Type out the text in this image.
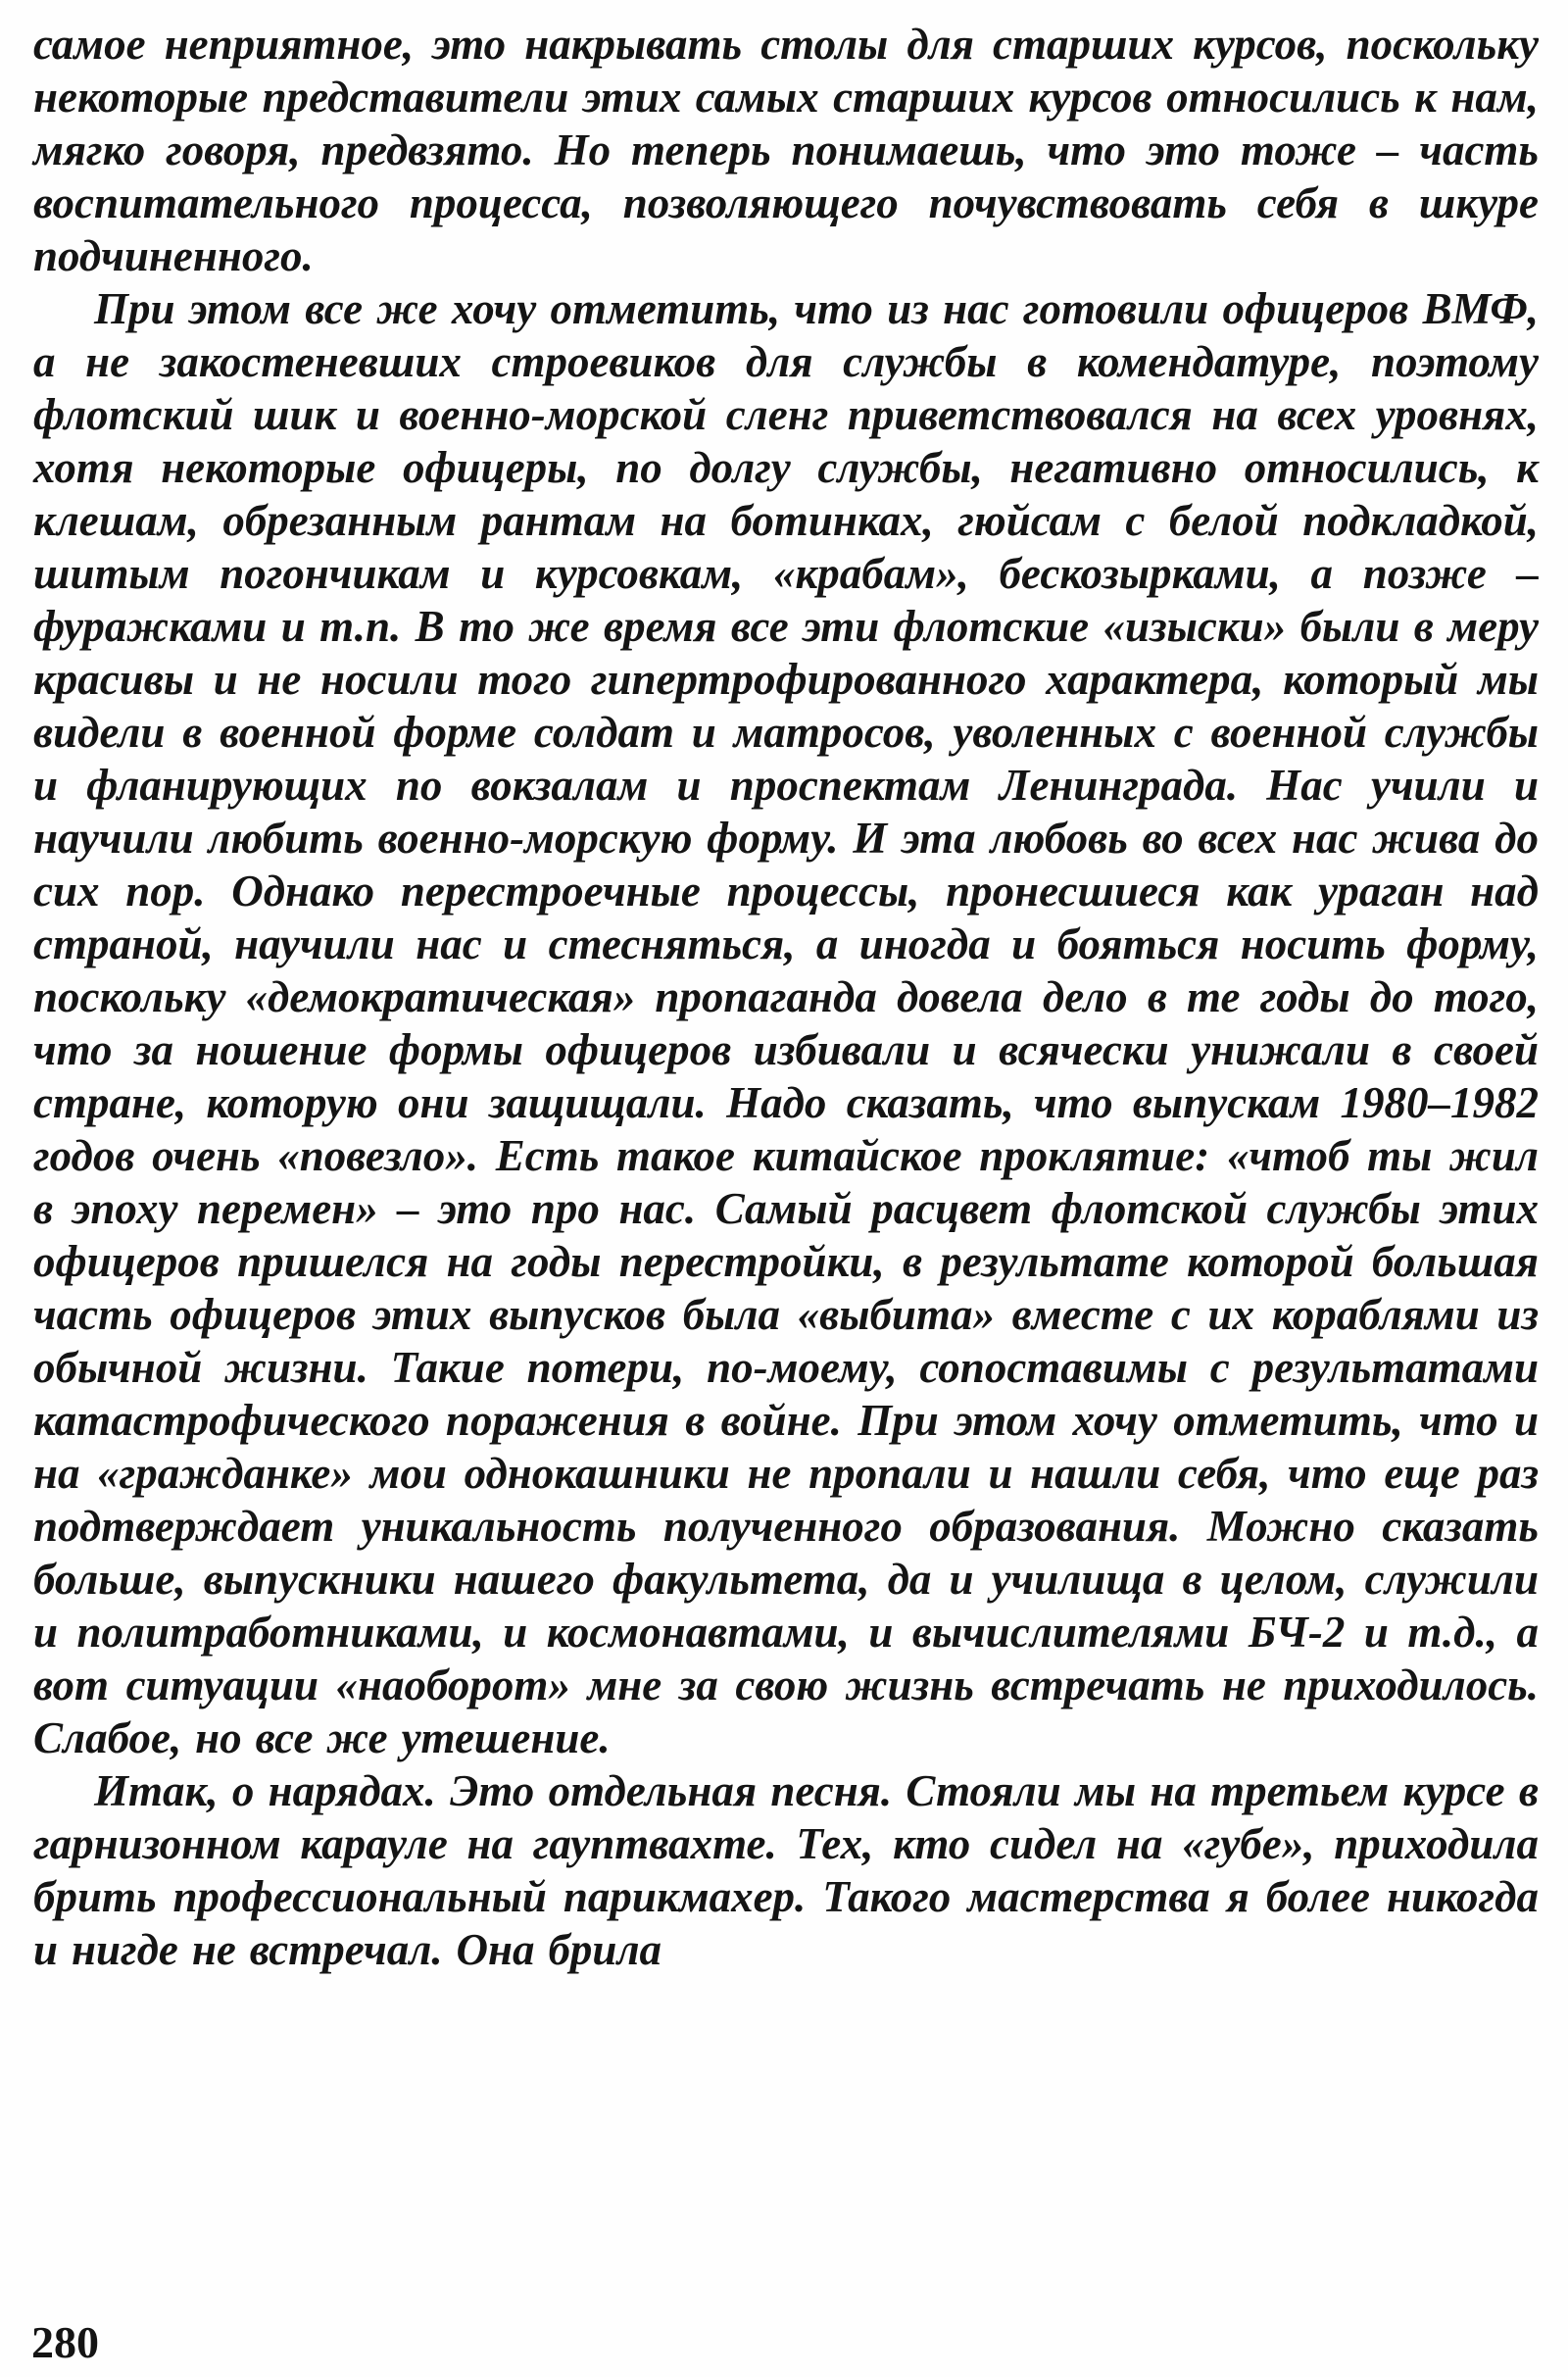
самое неприятное, это накрывать столы для старших курсов, поскольку некоторые представители этих самых старших курсов относились к нам, мягко говоря, предвзято. Но теперь понимаешь, что это тоже – часть воспитательного процесса, позволяющего почувствовать себя в шкуре подчиненного.

При этом все же хочу отметить, что из нас готовили офицеров ВМФ, а не закостеневших строевиков для службы в комендатуре, поэтому флотский шик и военно-морской сленг приветствовался на всех уровнях, хотя некоторые офицеры, по долгу службы, негативно относились, к клешам, обрезанным рантам на ботинках, гюйсам с белой подкладкой, шитым погончикам и курсовкам, «крабам», бескозырками, а позже – фуражками и т.п. В то же время все эти флотские «изыски» были в меру красивы и не носили того гипертрофированного характера, который мы видели в военной форме солдат и матросов, уволенных с военной службы и фланирующих по вокзалам и проспектам Ленинграда. Нас учили и научили любить военно-морскую форму. И эта любовь во всех нас жива до сих пор. Однако перестроечные процессы, пронесшиеся как ураган над страной, научили нас и стесняться, а иногда и бояться носить форму, поскольку «демократическая» пропаганда довела дело в те годы до того, что за ношение формы офицеров избивали и всячески унижали в своей стране, которую они защищали. Надо сказать, что выпускам 1980–1982 годов очень «повезло». Есть такое китайское проклятие: «чтоб ты жил в эпоху перемен» – это про нас. Самый расцвет флотской службы этих офицеров пришелся на годы перестройки, в результате которой большая часть офицеров этих выпусков была «выбита» вместе с их кораблями из обычной жизни. Такие потери, по-моему, сопоставимы с результатами катастрофического поражения в войне. При этом хочу отметить, что и на «гражданке» мои однокашники не пропали и нашли себя, что еще раз подтверждает уникальность полученного образования. Можно сказать больше, выпускники нашего факультета, да и училища в целом, служили и политработниками, и космонавтами, и вычислителями БЧ-2 и т.д., а вот ситуации «наоборот» мне за свою жизнь встречать не приходилось. Слабое, но все же утешение.

Итак, о нарядах. Это отдельная песня. Стояли мы на третьем курсе в гарнизонном карауле на гауптвахте. Тех, кто сидел на «губе», приходила брить профессиональный парикмахер. Такого мастерства я более никогда и нигде не встречал. Она брила

280
